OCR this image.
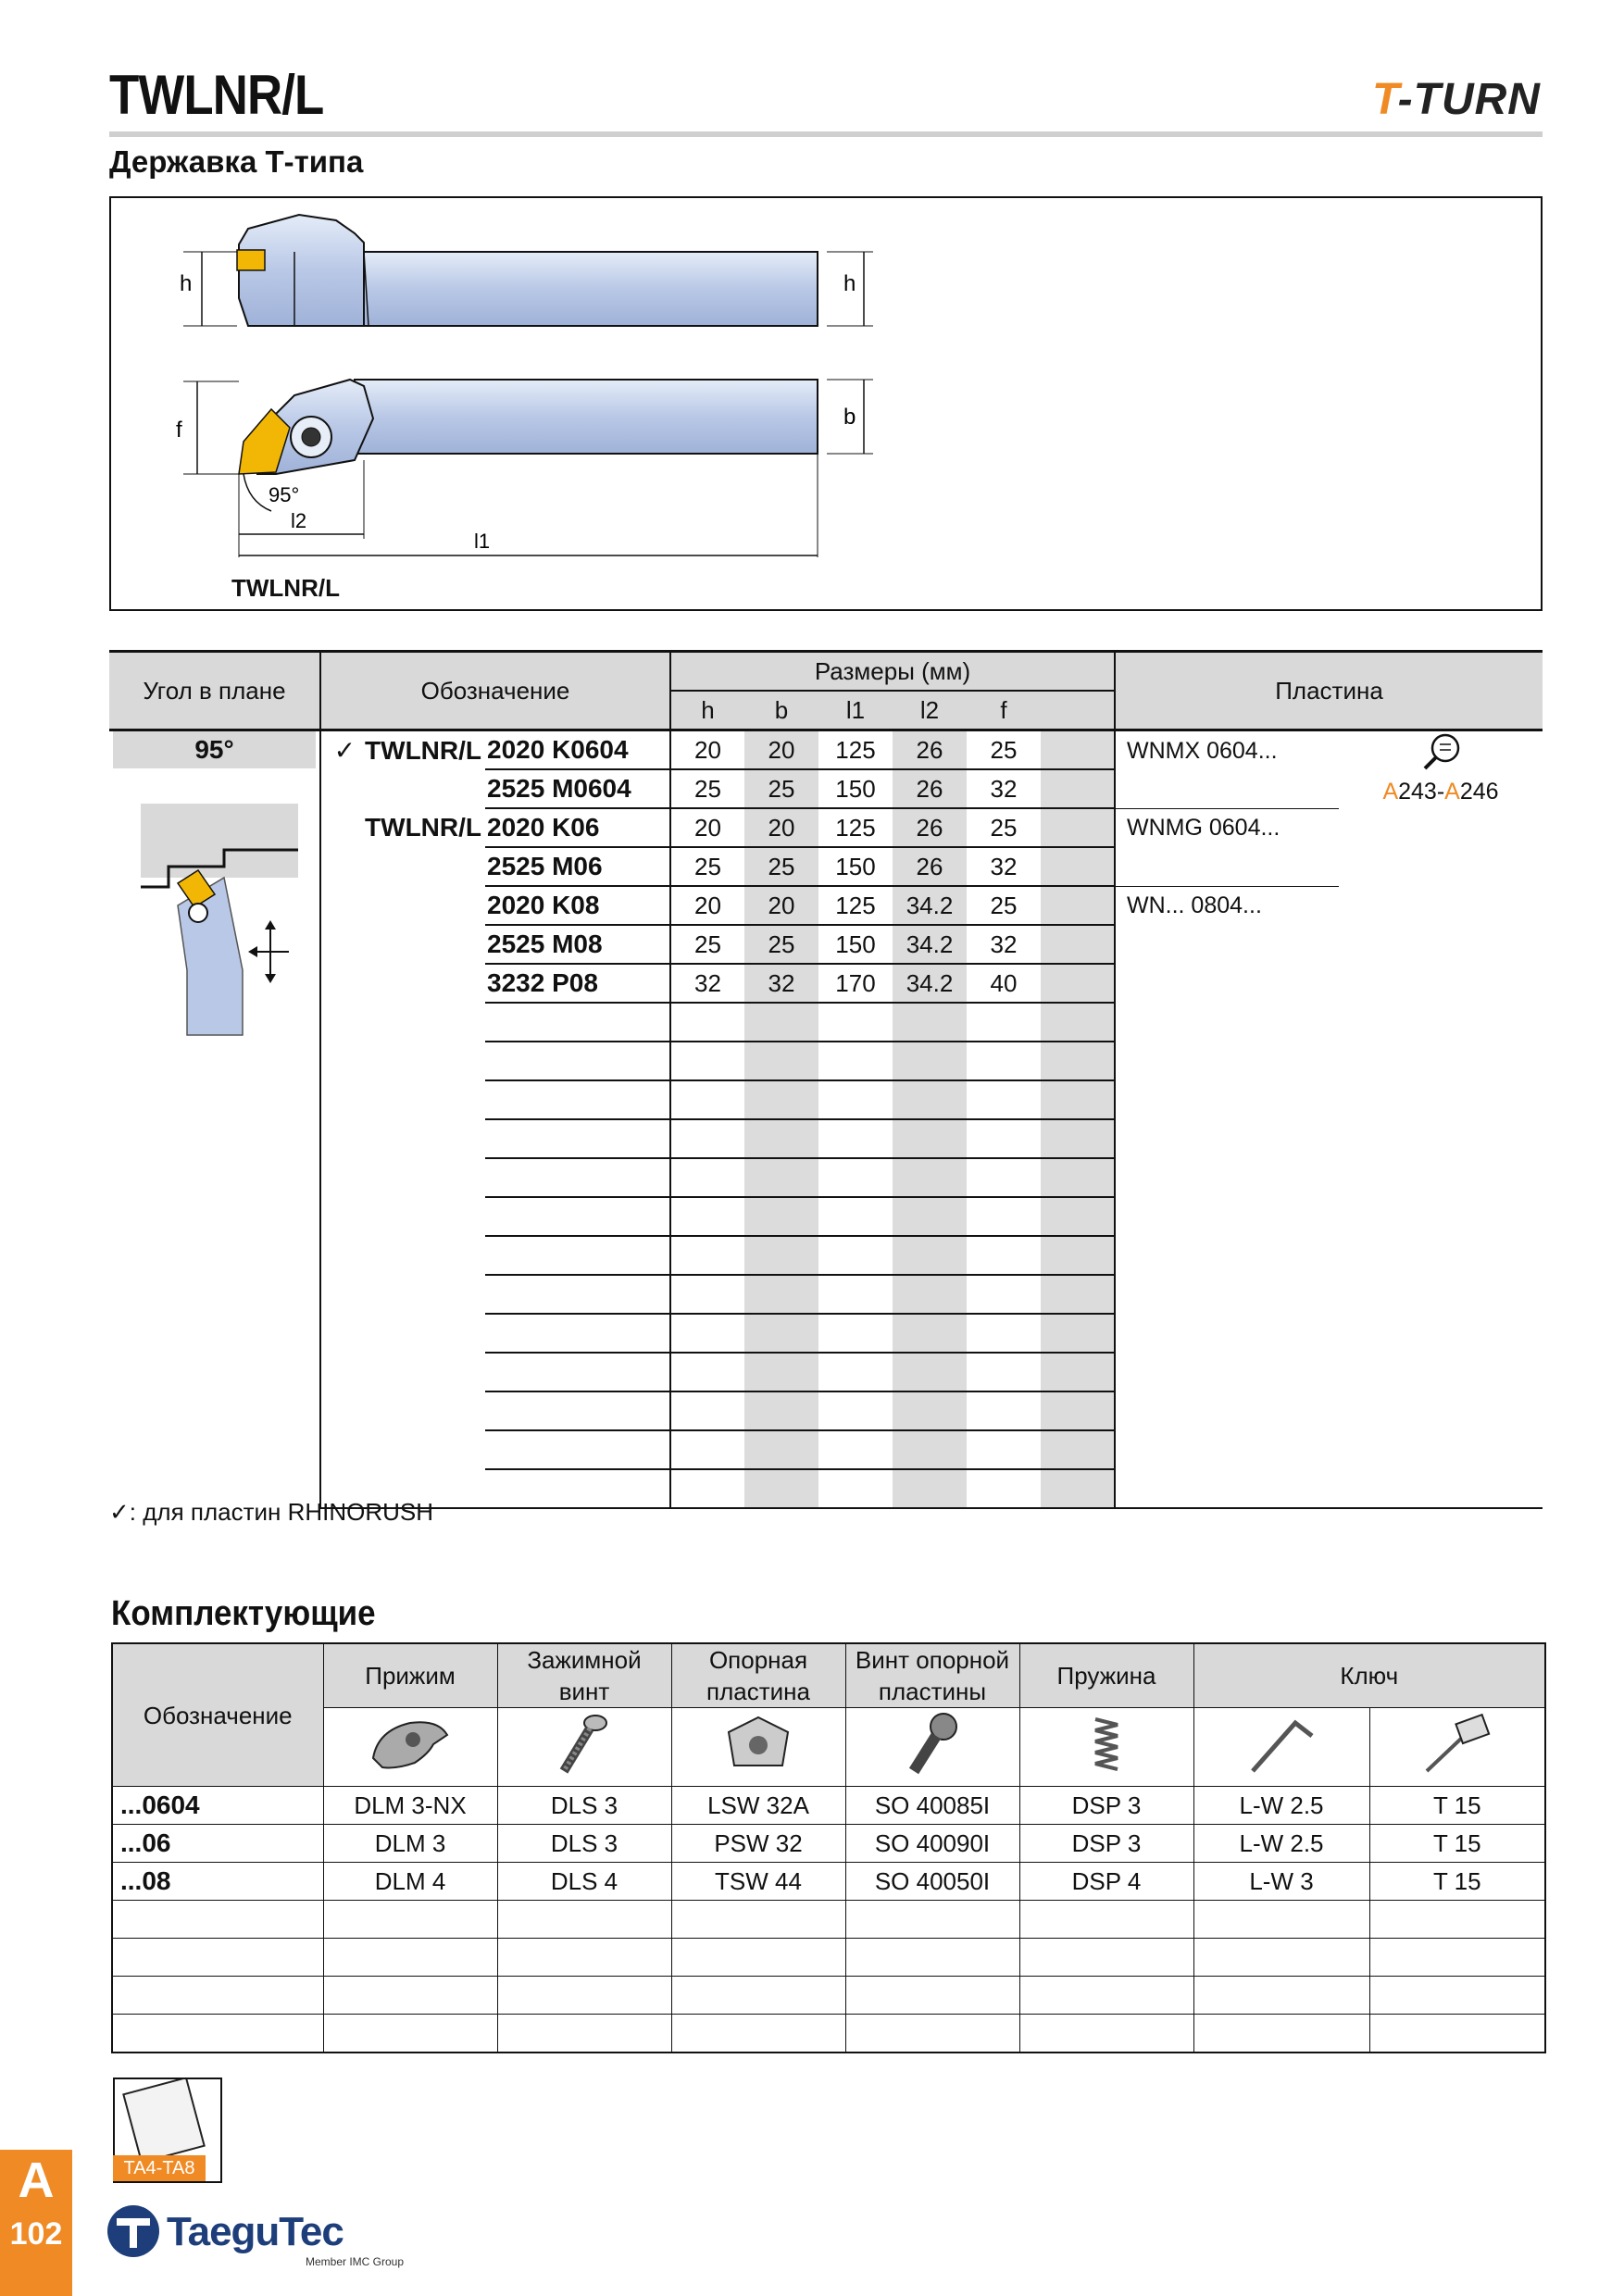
TWLNR/L	T-TURN
Державка Т-типа
h	h
f
b
95°
l2
l1
TWLNR/L
Угол в плане	Обозначение		Размеры (мм)						Пластина	
			h	b	l1	l2	f			

95°	✓ TWLNR/L	2020 K0604	20	20	125	26	25		WNMX 0604...	A243-A246

		2525 M0604	25	25	150	26	32			
	TWLNR/L	2020 K06	20	20	125	26	25		WNMG 0604...	
		2525 M06	25	25	150	26	32			
		2020 K08	20	20	125	34.2	25		WN... 0804...	
		2525 M08	25	25	150	34.2	32			
		3232 P08	32	32	170	34.2	40			

✓: для пластин RHINORUSH
Комплектующие
Обозначение	Прижим	Зажимной винт	Опорная пластина	Винт опорной пластины	Пружина	Ключ	

...0604	DLM 3-NX	DLS 3	LSW 32A	SO 40085I	DSP 3	L-W 2.5	T 15
...06	DLM 3	DLS 3	PSW 32	SO 40090I	DSP 3	L-W 2.5	T 15
...08	DLM 4	DLS 4	TSW 44	SO 40050I	DSP 4	L-W 3	T 15

TA4-TA8
A
102	TaeguTec
Member IMC Group
